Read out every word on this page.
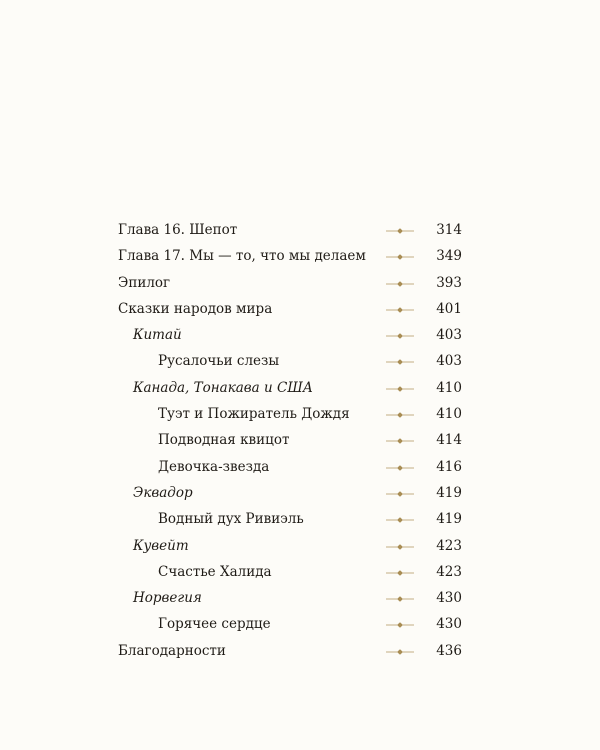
Глава 16. Шепот	314
Глава 17. Мы — то, что мы делаем	349
Эпилог	393
Сказки народов мира	401
Китай	403
Русалочьи слезы	403
Канада, Тонакава и США	410
Туэт и Пожиратель Дождя	410
Подводная квицот	414
Девочка-звезда	416
Эквадор	419
Водный дух Ривиэль	419
Кувейт	423
Счастье Халида	423
Норвегия	430
Горячее сердце	430
Благодарности	436
